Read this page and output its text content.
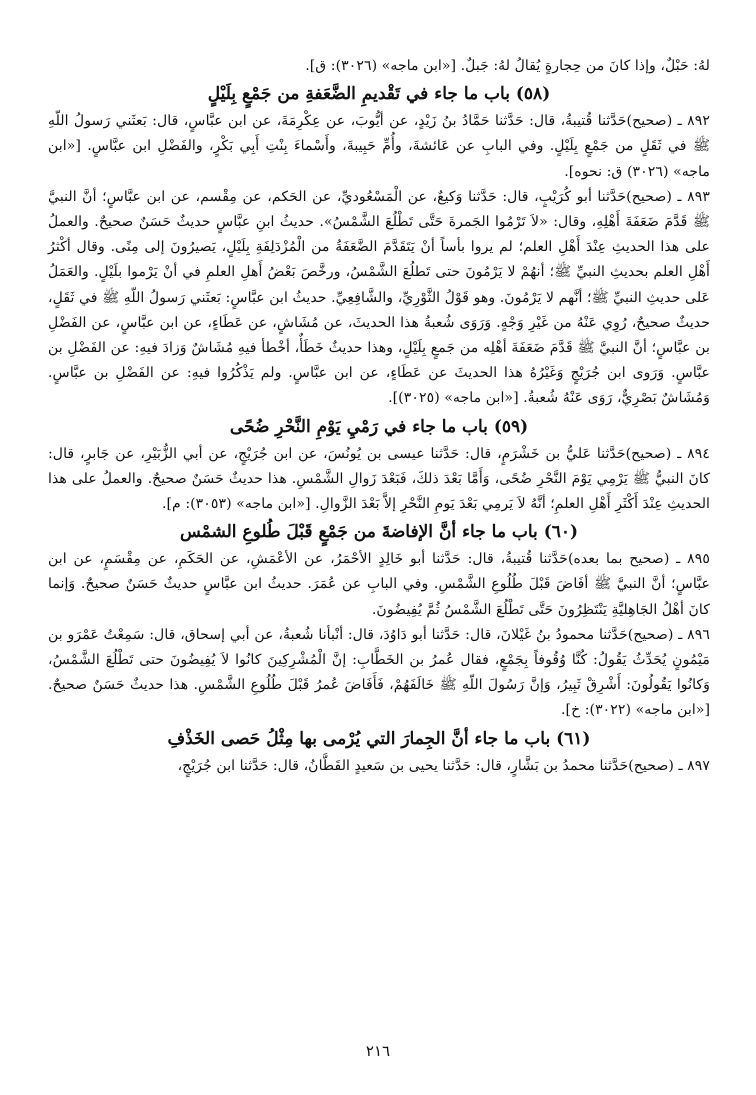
لهُ: حَبْلٌ، وإذا كانَ من حِجارةٍ يُقالُ لهُ: جَبلٌ. [«ابن ماجه» (٣٠٢٦): ق].

(٥٨) باب ما جاء في تَقْديمِ الضَّعَفةِ من جَمْعٍ بِلَيْلٍ

٨٩٢ ـ (صحيح)حَدَّثنا قُتيبةُ، قال: حَدَّثنا حَمَّادُ بنُ زَيْدٍ، عن أيُّوبَ، عن عِكْرِمَةَ، عن ابن عبَّاسٍ، قال: بَعثَني رَسولُ اللّهِ ﷺ في ثَقَلٍ من جَمْعٍ بِلَيْلٍ. وفي البابِ عن عَائشةَ، وأُمِّ حَبِيبةَ، وأَسْماءَ بِنْتِ أَبِي بَكْرٍ، والفَضْلِ ابن عبَّاسٍ. [«ابن ماجه» (٣٠٢٦) ق: نحوه].

٨٩٣ ـ (صحيح)حَدَّثنا أبو كُرَيْبٍ، قال: حَدَّثنا وَكيعٌ، عن الْمَسْعُوديِّ، عن الحَكم، عن مِقْسم، عن ابن عبَّاسٍ؛ أنَّ النبيَّ ﷺ قَدَّمَ ضَعَفَةَ أَهْلِهِ، وقال: «لاَ تَرْمُوا الجَمرةَ حَتَّى تَطْلُعَ الشَّمْسُ». حديثُ ابنِ عبَّاسٍ حديثٌ حَسَنٌ صحيحٌ. والعملُ على هذا الحديثِ عِنْدَ أَهْلِ العلم؛ لم يروا بأساً أنْ يَتَقَدَّمَ الضَّعَفَةُ من الْمُزْدَلِفَةِ بِلَيْلٍ، يَصيرُونَ إلى مِنًى. وقال أكْثرُ أَهْلِ العلم بحديثِ النبيِّ ﷺ؛ أنهُمْ لا يَرْمُونَ حتى تَطلُعَ الشَّمْسُ، ورخَّصَ بَعْضُ أَهلِ العلمِ في أنْ يَرْموا بلَيْلٍ. والعَمَلُ عَلى حديثِ النبيِّ ﷺ؛ أنَّهم لا يَرْمُونَ. وهو قَوْلُ الثَّوْرِيِّ، والشَّافِعِيِّ. حديثُ ابن عبَّاسٍ: بَعثَني رَسولُ اللّهِ ﷺ في ثَقَلٍ، حديثٌ صحيحٌ، رُوِي عَنْهُ من غَيْرِ وَجْهٍ. وَرَوَى شُعبةُ هذا الحديثَ، عن مُشَاشٍ، عن عَطَاءٍ، عن ابن عبَّاسٍ، عن الفَضْلِ بن عبَّاسٍ؛ أنَّ النبيَّ ﷺ قَدَّمَ ضَعَفَةَ أهْلِه من جَمعٍ بِلَيْلٍ، وهذا حديثٌ خَطَأٌ، أخْطأ فيهِ مُشَاشٌ وَزادَ فيهِ: عن الفَضْلِ بن عبَّاسٍ. وَرَوى ابن جُرَيْجٍ وَغَيْرُهُ هذا الحديثَ عن عَطَاءٍ، عن ابن عبَّاسٍ. ولم يَذْكُرُوا فيهِ: عن الفَضْلِ بن عبَّاسٍ. وَمُشَاشٌ بَصْرِيٌّ، رَوَى عَنْهُ شُعبةُ. [«ابن ماجه» (٣٠٢٥)].

(٥٩) باب ما جاء في رَمْيِ يَوْمِ النَّحْرِ ضُحًى

٨٩٤ ـ (صحيح)حَدَّثنا عَليُّ بن خَشْرَمٍ، قال: حَدَّثنا عيسى بن يُونُسَ، عن ابن جُرَيْجٍ، عن أبي الزُّبَيْرِ، عن جَابرٍ، قال: كانَ النبيُّ ﷺ يَرْمِي يَوْمَ النَّحْرِ ضُحًى، وَأَمَّا بَعْدَ ذلكَ، فَبَعْدَ زَوالِ الشَّمْسِ. هذا حديثٌ حَسَنٌ صحيحٌ. والعملُ على هذا الحديثِ عِنْدَ أَكْثَرِ أَهْلِ العلمِ؛ أنَّهُ لاَ يَرمِي بَعْدَ يَومِ النَّحْرِ إلاَّ بَعْدَ الزَّوالِ. [«ابن ماجه» (٣٠٥٣): م].

(٦٠) باب ما جاء أنَّ الإفاضةَ من جَمْعٍ قَبْلَ طُلوعِ الشمْس

٨٩٥ ـ (صحيح بما بعده)حَدَّثنا قُتيبةُ، قال: حَدَّثنا أبو خَالِدٍ الأحْمَرُ، عن الأعْمَشِ، عن الحَكَمِ، عن مِقْسَمٍ، عن ابن عبَّاسٍ؛ أنَّ النبيَّ ﷺ أفَاضَ قَبْلَ طُلُوعِ الشَّمْسِ. وفي البابِ عن عُمَرَ. حديثُ ابن عبَّاسٍ حديثٌ حَسَنٌ صحيحٌ. وَإنما كانَ أهْلُ الجَاهِليَّةِ يَنْتَظِرُونَ حَتَّى تَطْلُعَ الشَّمْسُ ثُمَّ يُفِيضُونَ.

٨٩٦ ـ (صحيح)حَدَّثنا محمودُ بنُ غَيْلانَ، قال: حَدَّثنا أبو دَاوُدَ، قال: أنْبأنا شُعبةُ، عن أبي إسحاق، قال: سَمِعْتُ عَمْرَو بن مَيْمُونٍ يُحَدِّثُ يَقُولُ: كُنَّا وُقُوفاً بِجَمْعٍ، فقال عُمرُ بن الخَطَّابِ: إنَّ الْمُشْرِكِينَ كانُوا لاَ يُفِيضُونَ حتى تَطْلُعَ الشَّمْسُ، وَكانُوا يَقُولُونَ: أَشْرِقْ ثَبِيرُ، وَإنَّ رَسُولَ اللّهِ ﷺ خَالَفَهُمْ، فَأَفَاضَ عُمرُ قَبْلَ طُلُوعِ الشَّمْسِ. هذا حديثٌ حَسَنٌ صحيحٌ. [«ابن ماجه» (٣٠٢٢): خ].

(٦١) باب ما جاء أنَّ الجِمارَ التي يُرْمى بها مِثْلُ حَصى الخَذْفِ

٨٩٧ ـ (صحيح)حَدَّثنا محمدُ بن بَشَّارٍ، قال: حَدَّثنا يحيى بن سَعيدٍ القَطَّانُ، قال: حَدَّثنا ابن جُرَيْجٍ،

٢١٦
